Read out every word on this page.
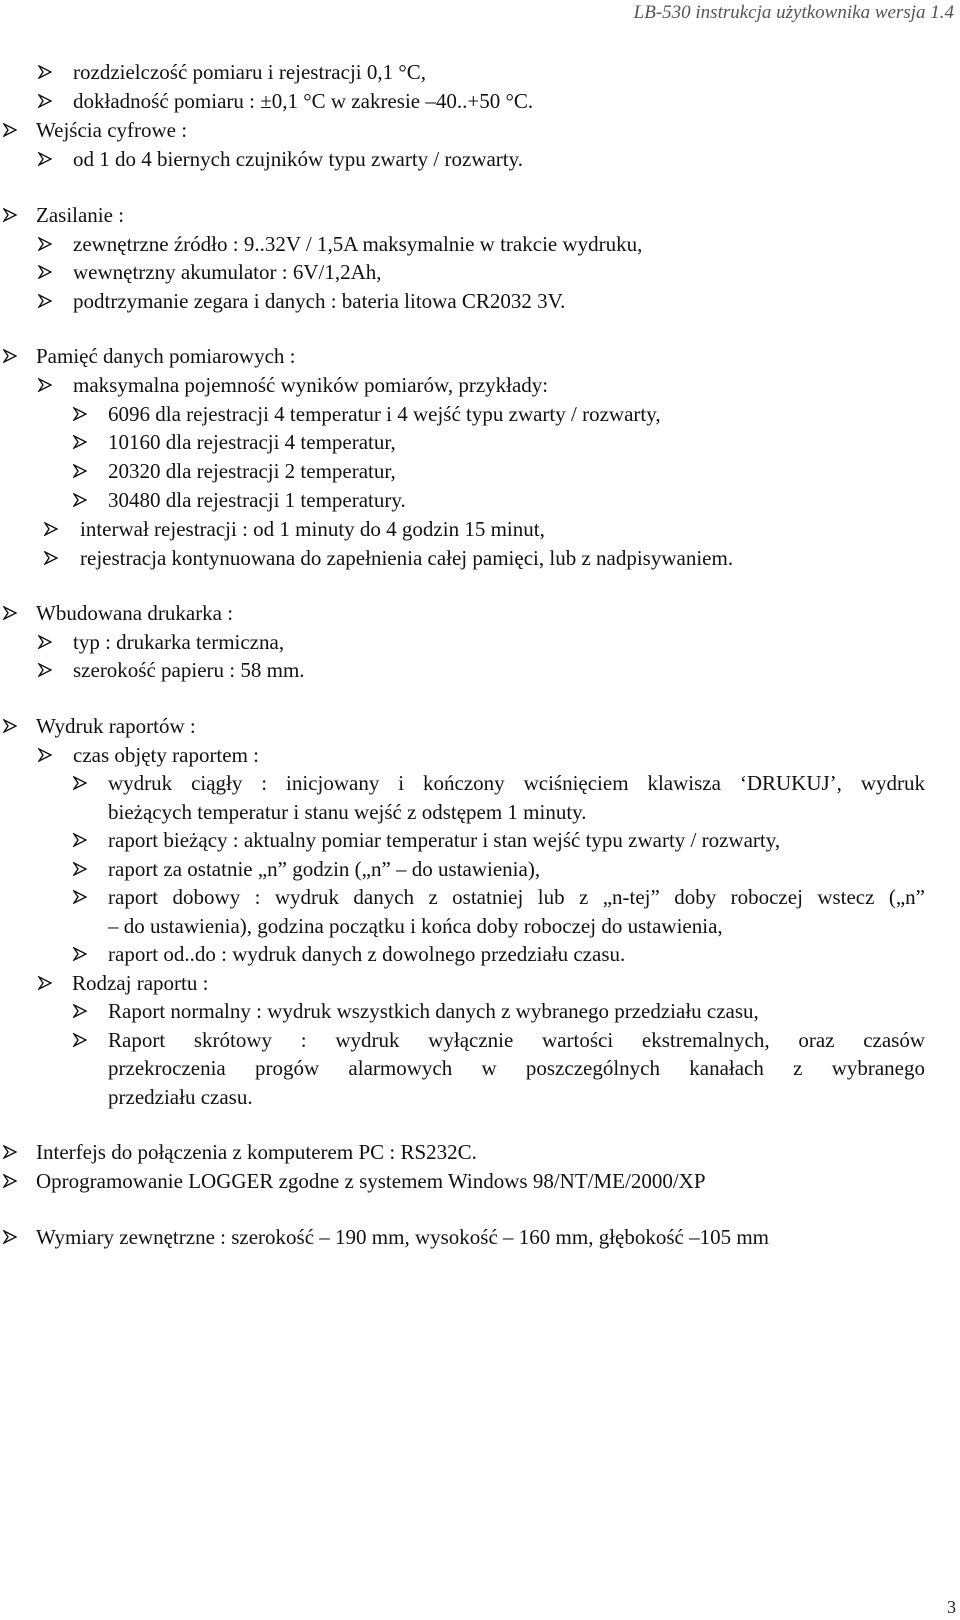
LB-530 instrukcja użytkownika wersja 1.4
rozdzielczość pomiaru i rejestracji 0,1 °C,
dokładność pomiaru : ±0,1 °C w zakresie –40..+50 °C.
Wejścia cyfrowe :
od 1 do 4 biernych czujników typu zwarty / rozwarty.
Zasilanie :
zewnętrzne źródło : 9..32V / 1,5A maksymalnie w trakcie wydruku,
wewnętrzny akumulator : 6V/1,2Ah,
podtrzymanie zegara i danych : bateria litowa CR2032 3V.
Pamięć danych pomiarowych :
maksymalna pojemność wyników pomiarów, przykłady:
6096 dla rejestracji 4 temperatur i 4 wejść typu zwarty / rozwarty,
10160 dla rejestracji 4 temperatur,
20320 dla rejestracji 2 temperatur,
30480 dla rejestracji 1 temperatury.
interwał rejestracji : od 1 minuty do 4 godzin 15 minut,
rejestracja kontynuowana do zapełnienia całej pamięci, lub z nadpisywaniem.
Wbudowana drukarka :
typ : drukarka termiczna,
szerokość papieru : 58 mm.
Wydruk raportów :
czas objęty raportem :
wydruk ciągły : inicjowany i kończony wciśnięciem klawisza ‘DRUKUJ’, wydruk
bieżących temperatur i stanu wejść z odstępem 1 minuty.
raport bieżący : aktualny pomiar temperatur i stan wejść typu zwarty / rozwarty,
raport za ostatnie „n” godzin („n” – do ustawienia),
raport dobowy : wydruk danych z ostatniej lub z „n-tej” doby roboczej wstecz („n”
– do ustawienia), godzina początku i końca doby roboczej do ustawienia,
raport od..do : wydruk danych z dowolnego przedziału czasu.
Rodzaj raportu :
Raport normalny : wydruk wszystkich danych z wybranego przedziału czasu,
Raport skrótowy : wydruk wyłącznie wartości ekstremalnych, oraz czasów
przekroczenia progów alarmowych w poszczególnych kanałach z wybranego
przedziału czasu.
Interfejs do połączenia z komputerem PC : RS232C.
Oprogramowanie LOGGER zgodne z systemem Windows 98/NT/ME/2000/XP
Wymiary zewnętrzne : szerokość – 190 mm, wysokość – 160 mm, głębokość –105 mm
3
